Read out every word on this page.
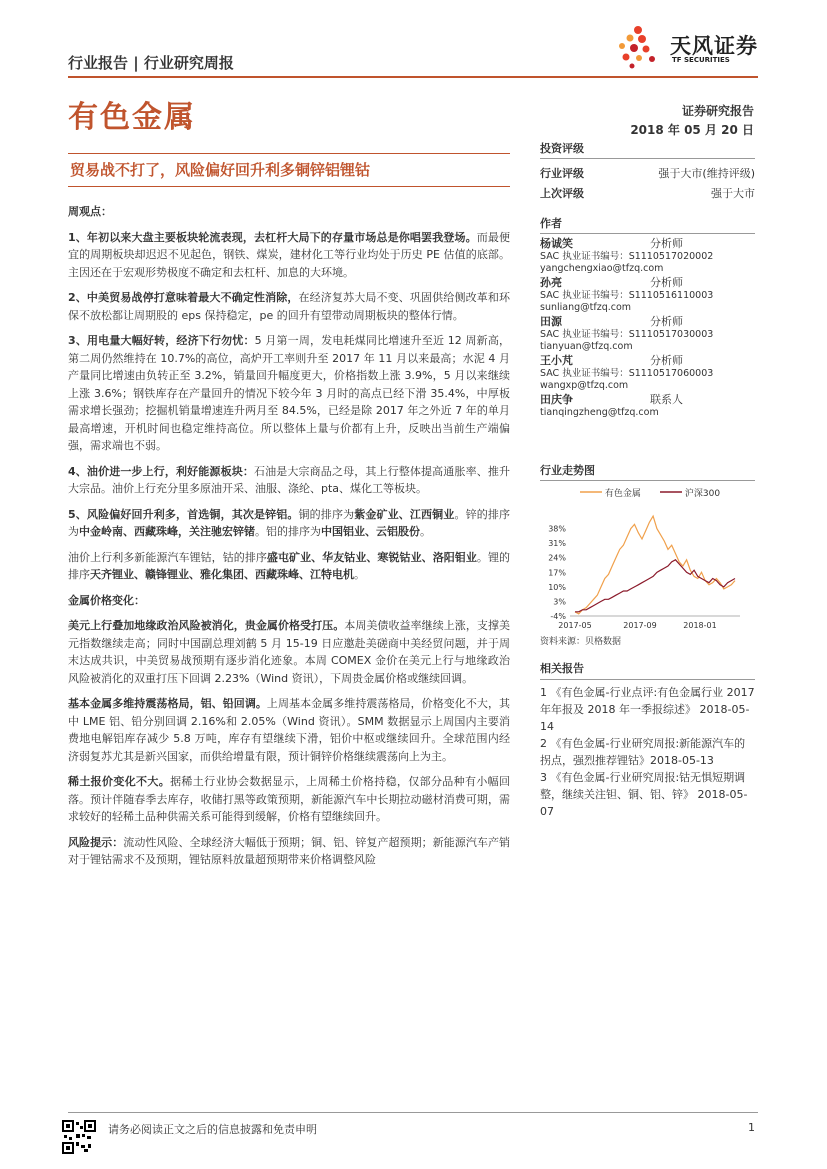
行业报告 | 行业研究周报
天风证券
TF SECURITIES
有色金属	证券研究报告
2018 年 05 月 20 日
贸易战不打了，风险偏好回升利多铜锌铝锂钴

周观点：

1、年初以来大盘主要板块轮流表现，去杠杆大局下的存量市场总是你唱罢我登场。而最便宜的周期板块却迟迟不见起色，钢铁、煤炭，建材化工等行业均处于历史 PE 估值的底部。主因还在于宏观形势极度不确定和去杠杆、加息的大环境。

2、中美贸易战停打意味着最大不确定性消除，在经济复苏大局不变、巩固供给侧改革和环保不放松都让周期股的 eps 保持稳定，pe 的回升有望带动周期板块的整体行情。

3、用电量大幅好转，经济下行勿忧：5 月第一周，发电耗煤同比增速升至近 12 周新高，第二周仍然维持在 10.7%的高位，高炉开工率则升至 2017 年 11 月以来最高；水泥 4 月产量同比增速由负转正至 3.2%，销量回升幅度更大，价格指数上涨 3.9%，5 月以来继续上涨 3.6%；钢铁库存在产量回升的情况下较今年 3 月时的高点已经下滑 35.4%，中厚板需求增长强劲；挖掘机销量增速连升两月至 84.5%，已经是除 2017 年之外近 7 年的单月最高增速，开机时间也稳定维持高位。所以整体上量与价都有上升，反映出当前生产端偏强，需求端也不弱。

4、油价进一步上行，利好能源板块：石油是大宗商品之母，其上行整体提高通胀率、推升大宗品。油价上行充分里多原油开采、油服、涤纶、pta、煤化工等板块。

5、风险偏好回升利多，首选铜，其次是锌铝。铜的排序为紫金矿业、江西铜业。锌的排序为中金岭南、西藏珠峰，关注驰宏锌锗。铝的排序为中国铝业、云铝股份。

油价上行利多新能源汽车锂钴，钴的排序盛屯矿业、华友钴业、寒锐钴业、洛阳钼业。锂的排序天齐锂业、赣锋锂业、雅化集团、西藏珠峰、江特电机。

金属价格变化：

美元上行叠加地缘政治风险被消化，贵金属价格受打压。本周美债收益率继续上涨，支撑美元指数继续走高；同时中国副总理刘鹤 5 月 15-19 日应邀赴美磋商中美经贸问题，并于周末达成共识，中美贸易战预期有逐步消化迹象。本周 COMEX 金价在美元上行与地缘政治风险被消化的双重打压下回调 2.23%（Wind 资讯），下周贵金属价格或继续回调。

基本金属多维持震荡格局，铝、铅回调。上周基本金属多维持震荡格局，价格变化不大，其中 LME 铝、铅分别回调 2.16%和 2.05%（Wind 资讯）。SMM 数据显示上周国内主要消费地电解铝库存减少 5.8 万吨，库存有望继续下滑，铝价中枢或继续回升。全球范围内经济弱复苏尤其是新兴国家，而供给增量有限，预计铜锌价格继续震荡向上为主。

稀土报价变化不大。据稀土行业协会数据显示，上周稀土价格持稳，仅部分品种有小幅回落。预计伴随春季去库存，收储打黑等政策预期，新能源汽车中长期拉动磁材消费可期，需求较好的轻稀土品种供需关系可能得到缓解，价格有望继续回升。

风险提示：流动性风险、全球经济大幅低于预期；铜、铝、锌复产超预期；新能源汽车产销对于锂钴需求不及预期，锂钴原料放量超预期带来价格调整风险

投资评级
行业评级	强于大市(维持评级)
上次评级	强于大市
作者
杨诚笑	分析师
SAC 执业证书编号：S1110517020002
yangchengxiao@tfzq.com
孙亮	分析师
SAC 执业证书编号：S1110516110003
sunliang@tfzq.com
田源	分析师
SAC 执业证书编号：S1110517030003
tianyuan@tfzq.com
王小芃	分析师
SAC 执业证书编号：S1110517060003
wangxp@tfzq.com
田庆争	联系人
tianqingzheng@tfzq.com
行业走势图
有色金属	沪深300
-4%
3%
10%
17%
24%
31%
38%
2017-05	2017-09	2018-01
资料来源：贝格数据
相关报告
1 《有色金属-行业点评:有色金属行业 2017 年年报及 2018 年一季报综述》 2018-05-14
2 《有色金属-行业研究周报:新能源汽车的拐点，强烈推荐锂钴》2018-05-13
3 《有色金属-行业研究周报:钴无惧短期调整，继续关注钽、铜、铝、锌》 2018-05-07
请务必阅读正文之后的信息披露和免责申明	1
